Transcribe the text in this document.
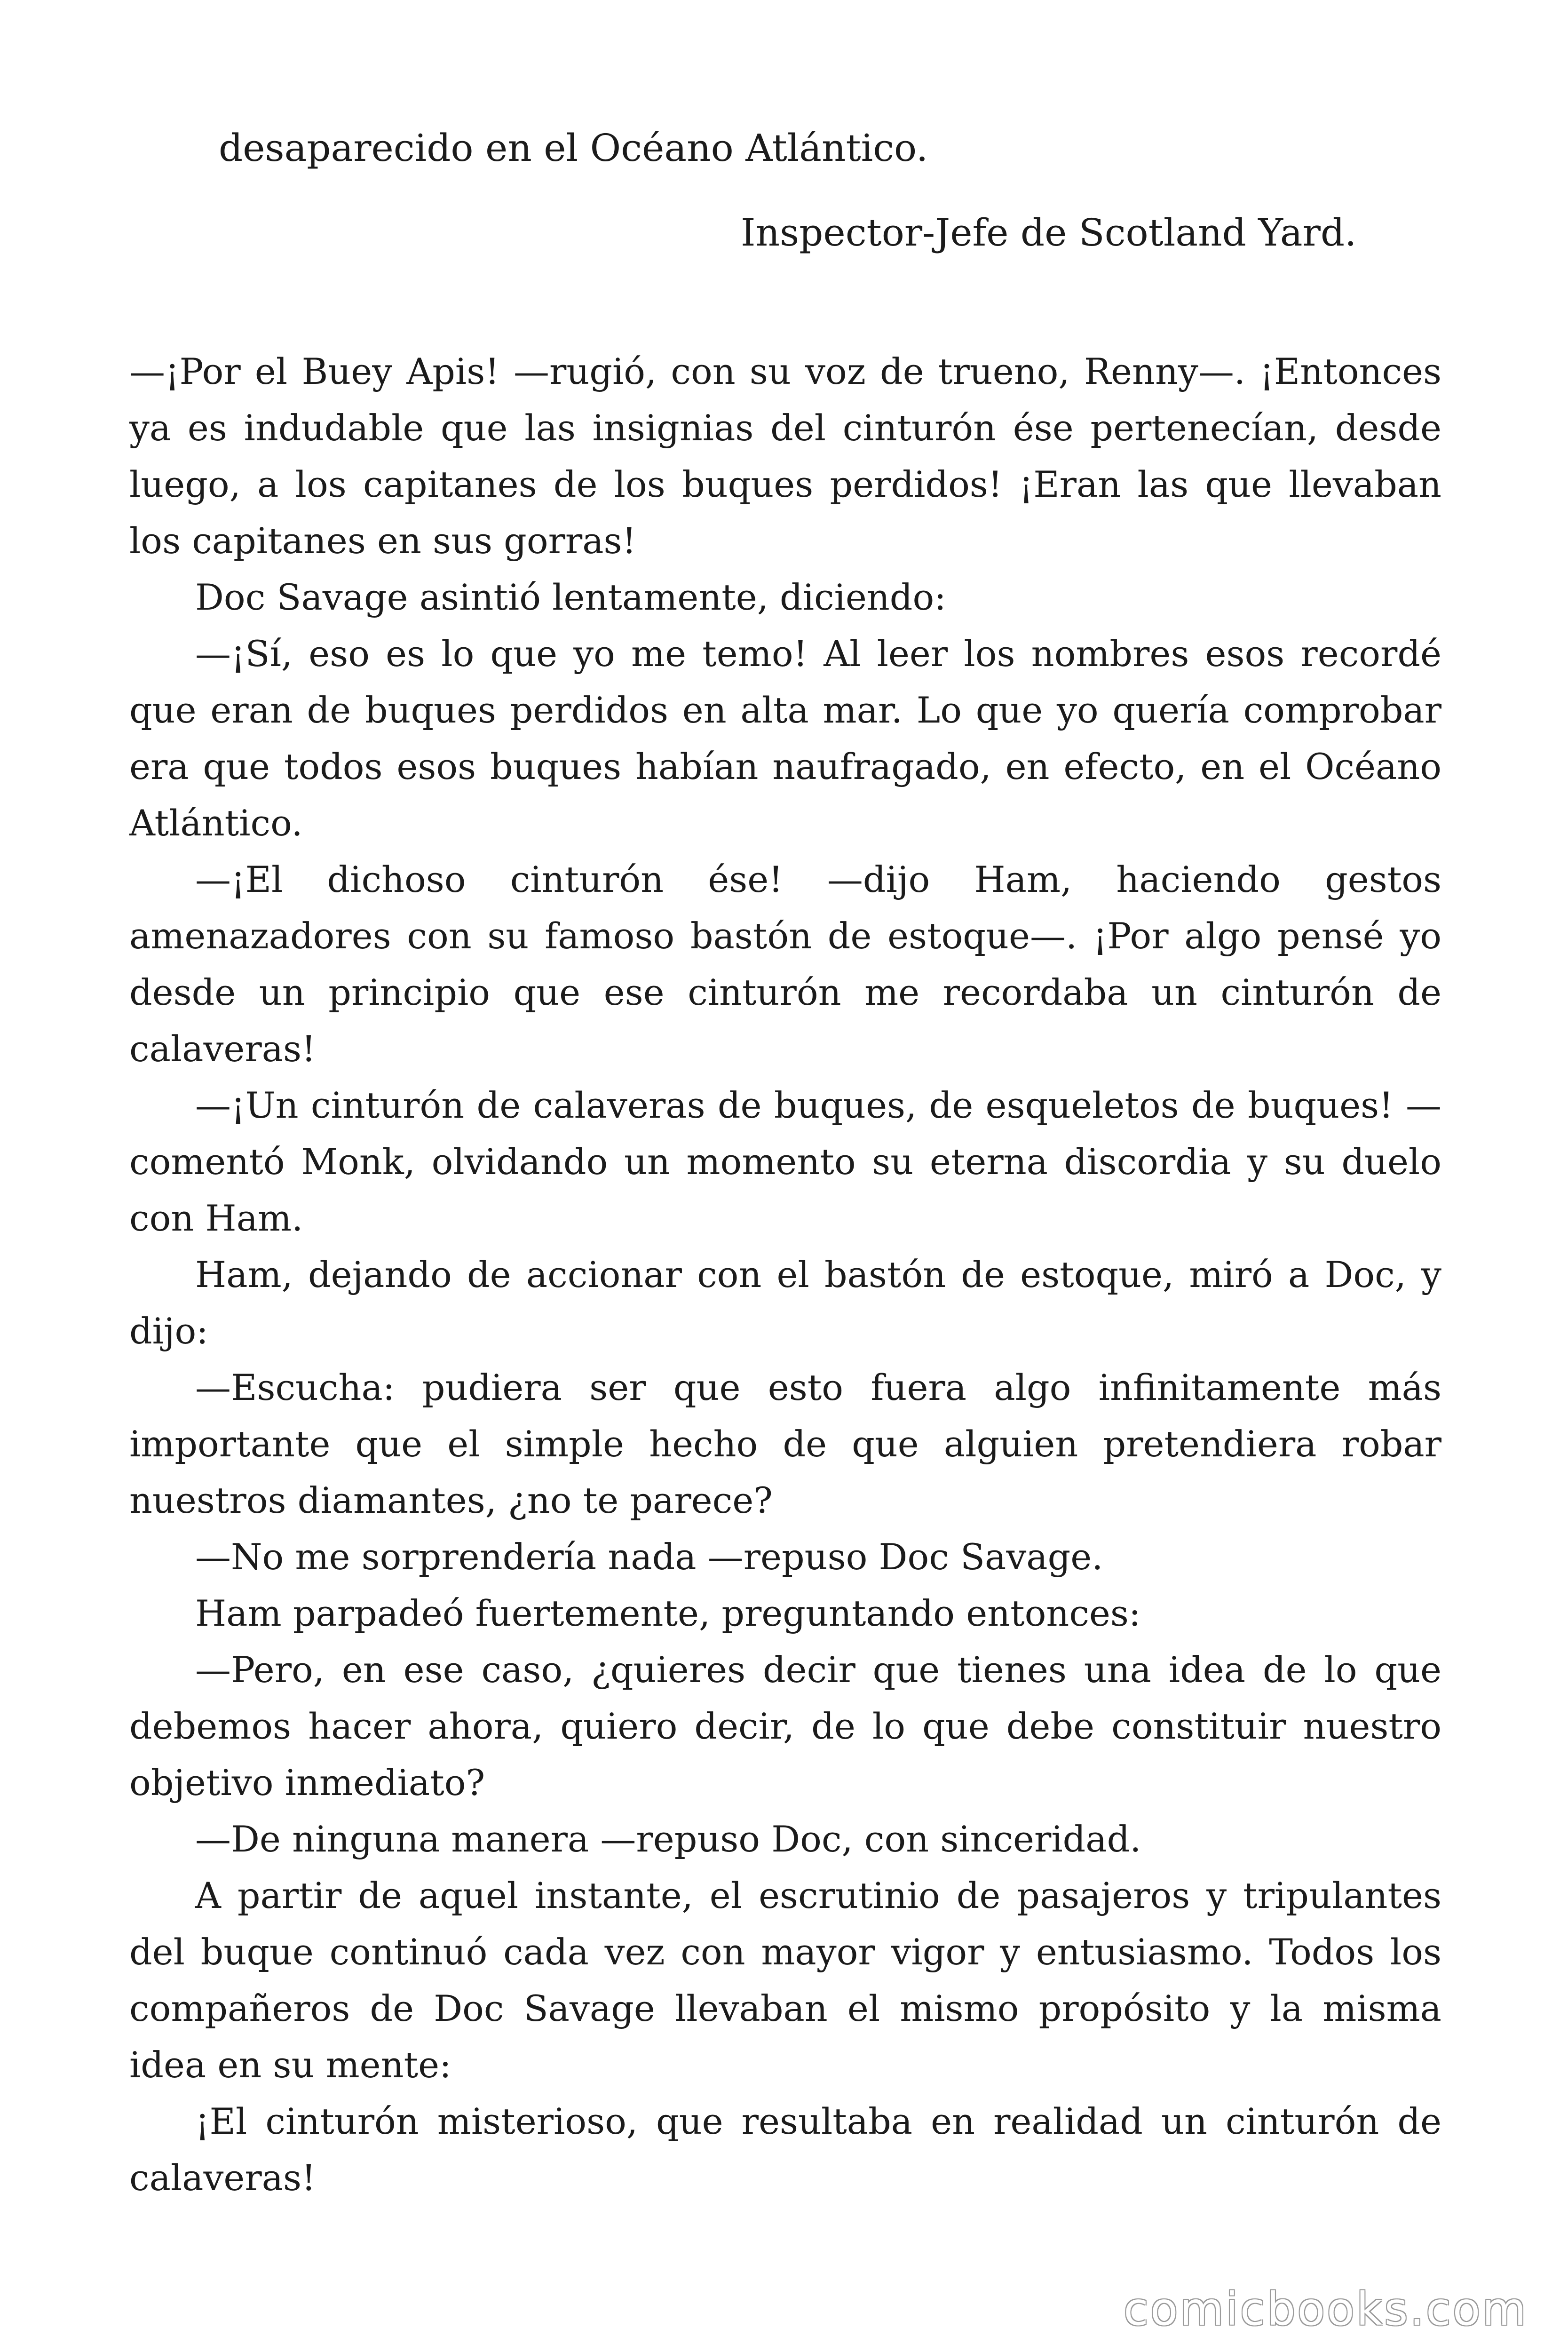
desaparecido en el Océano Atlántico.

Inspector-Jefe de Scotland Yard.

—¡Por el Buey Apis! —rugió, con su voz de trueno, Renny—. ¡Entonces ya es indudable que las insignias del cinturón ése pertenecían, desde luego, a los capitanes de los buques perdidos! ¡Eran las que llevaban los capitanes en sus gorras!

Doc Savage asintió lentamente, diciendo:

—¡Sí, eso es lo que yo me temo! Al leer los nombres esos recordé que eran de buques perdidos en alta mar. Lo que yo quería comprobar era que todos esos buques habían naufragado, en efecto, en el Océano Atlántico.

—¡El dichoso cinturón ése! —dijo Ham, haciendo gestos amenazadores con su famoso bastón de estoque—. ¡Por algo pensé yo desde un principio que ese cinturón me recordaba un cinturón de calaveras!

—¡Un cinturón de calaveras de buques, de esqueletos de buques! —comentó Monk, olvidando un momento su eterna discordia y su duelo con Ham.

Ham, dejando de accionar con el bastón de estoque, miró a Doc, y dijo:

—Escucha: pudiera ser que esto fuera algo infinitamente más importante que el simple hecho de que alguien pretendiera robar nuestros diamantes, ¿no te parece?

—No me sorprendería nada —repuso Doc Savage.

Ham parpadeó fuertemente, preguntando entonces:

—Pero, en ese caso, ¿quieres decir que tienes una idea de lo que debemos hacer ahora, quiero decir, de lo que debe constituir nuestro objetivo inmediato?

—De ninguna manera —repuso Doc, con sinceridad.

A partir de aquel instante, el escrutinio de pasajeros y tripulantes del buque continuó cada vez con mayor vigor y entusiasmo. Todos los compañeros de Doc Savage llevaban el mismo propósito y la misma idea en su mente:

¡El cinturón misterioso, que resultaba en realidad un cinturón de calaveras!

comicbooks.com
